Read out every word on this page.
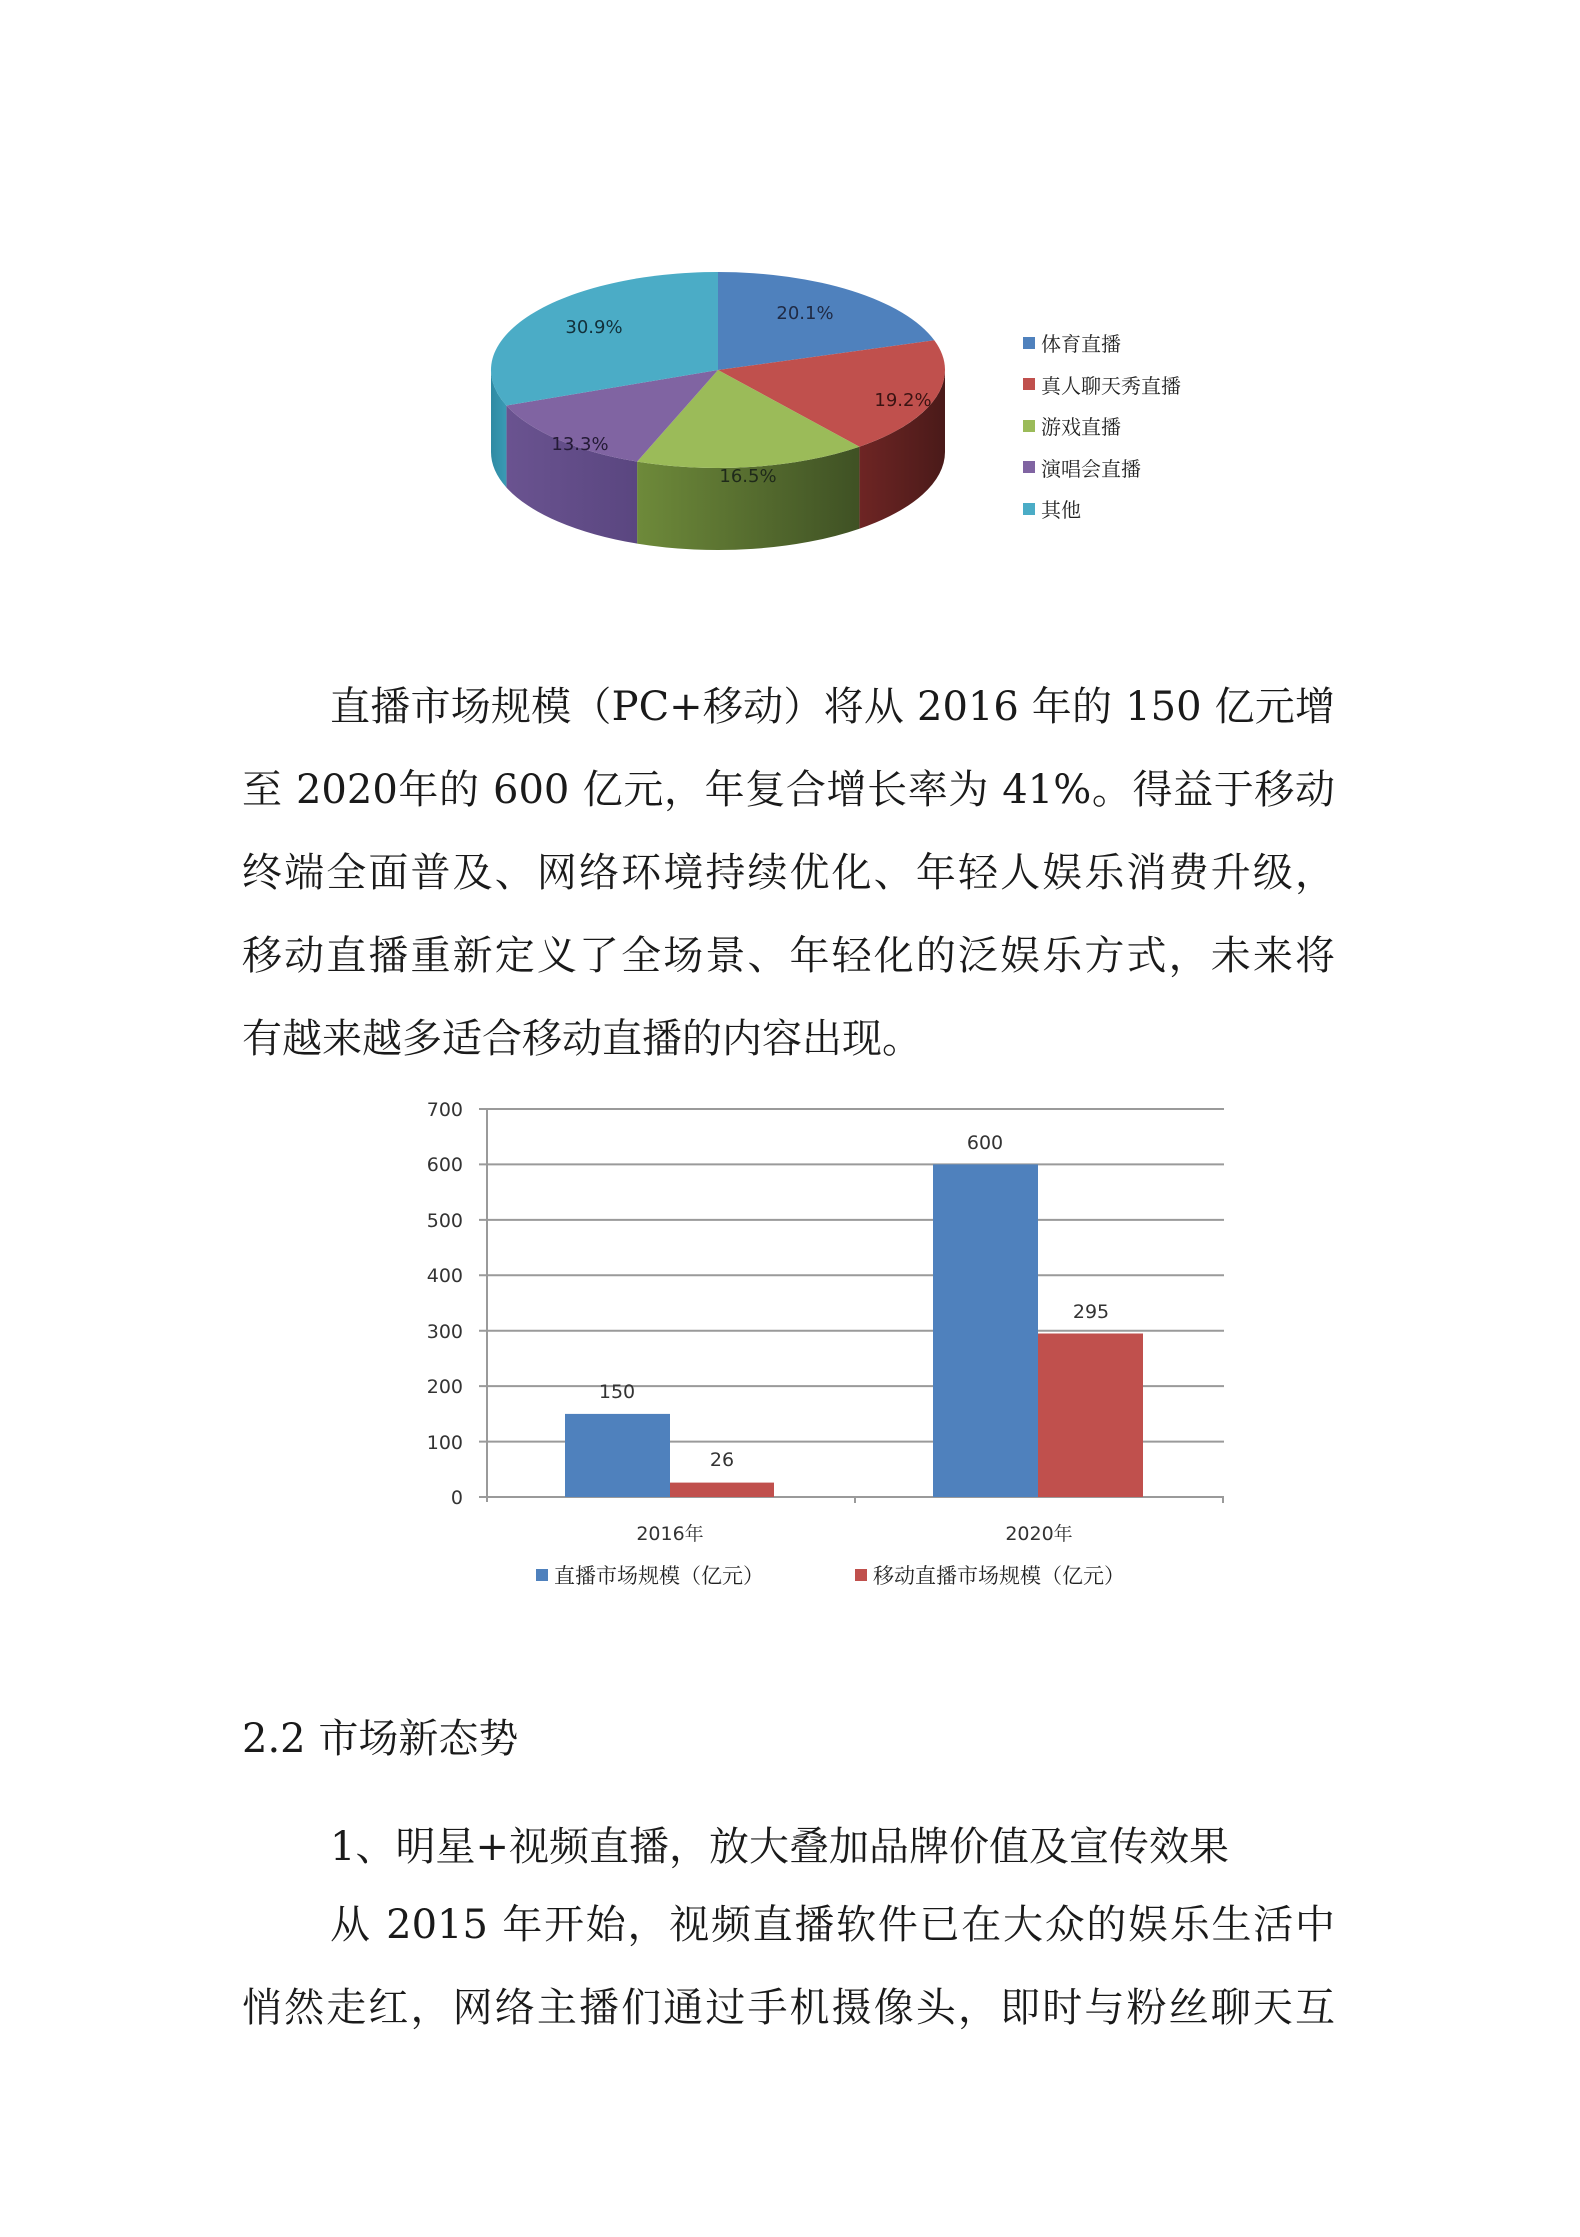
20.1%
19.2%
16.5%
13.3%
30.9%
体育直播
真人聊天秀直播
游戏直播
演唱会直播
其他
直播市场规模（PC+移动）将从 2016 年的 150 亿元增
至 2020年的 600 亿元，年复合增长率为 41%。得益于移动
终端全面普及、网络环境持续优化、年轻人娱乐消费升级，
移动直播重新定义了全场景、年轻化的泛娱乐方式，未来将
有越来越多适合移动直播的内容出现。
700
600
500
400
300
200
100
0
150
26
600
295
2016年	2020年
直播市场规模（亿元）	移动直播市场规模（亿元）
2.2 市场新态势
1、明星+视频直播，放大叠加品牌价值及宣传效果
从 2015 年开始，视频直播软件已在大众的娱乐生活中
悄然走红，网络主播们通过手机摄像头，即时与粉丝聊天互
